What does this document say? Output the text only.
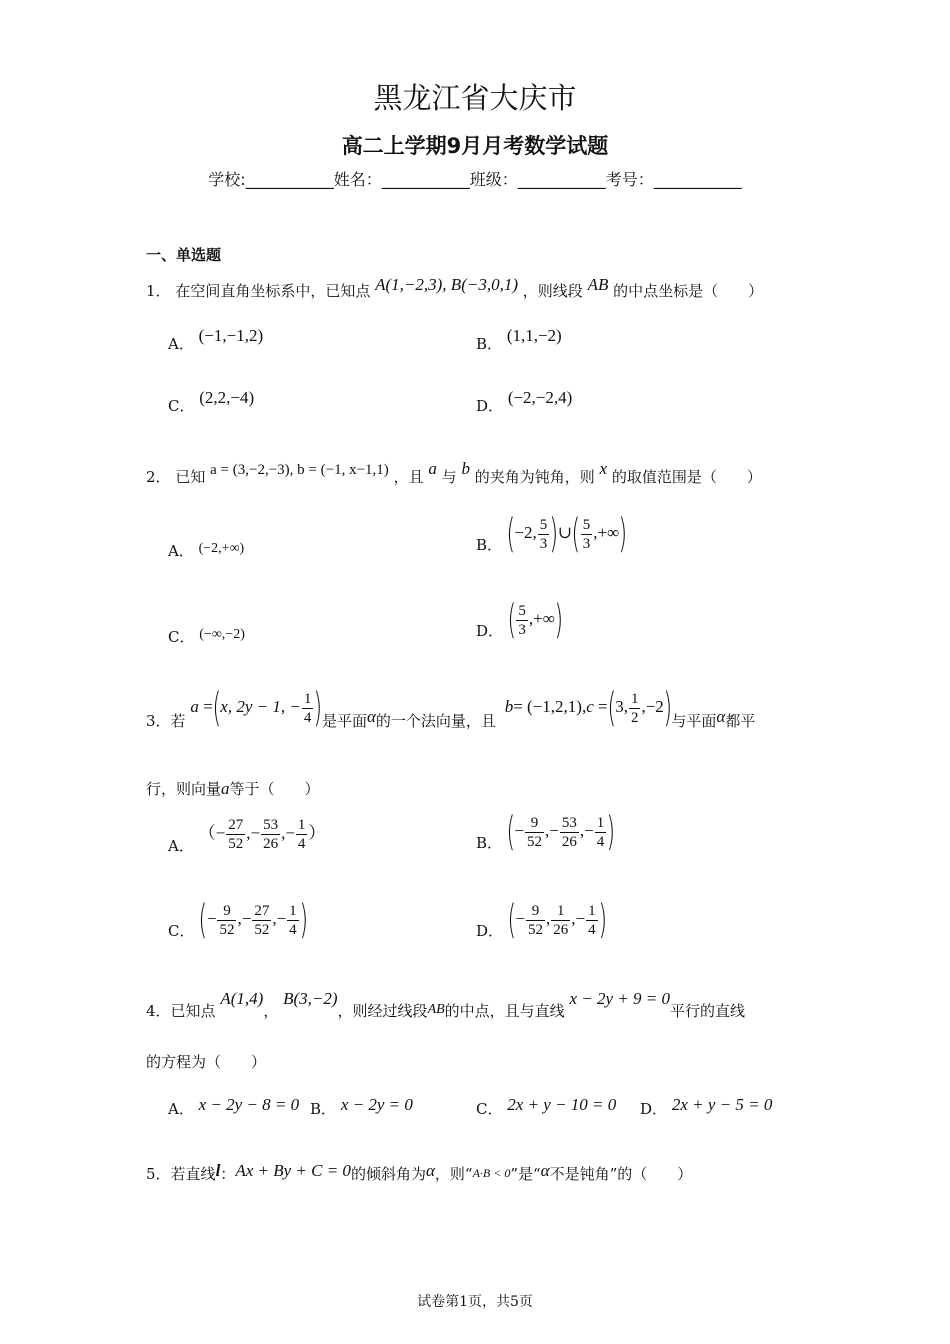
黑龙江省大庆市
高二上学期9月月考数学试题
学校:___________姓名：___________班级：___________考号：___________
一、单选题
1． 在空间直角坐标系中，已知点 A(1,−2,3), B(−3,0,1) ，则线段 AB 的中点坐标是（　　）
A． (−1,−1,2)	B． (1,1,−2)
C． (2,2,−4)	D． (−2,−2,4)
2． 已知 a = (3,−2,−3), b = (−1, x−1,1) ，且 a 与 b 的夹角为钝角，则 x 的取值范围是（　　）
A． (−2,+∞)	B． (−2, $\frac{5}{3}$ )∪( $\frac{5}{3}$ ,+∞)
C． (−∞,−2)	D． ( $\frac{5}{3}$ ,+∞)
3．若 a =(x, 2y − 1, − $\frac{1}{4}$ )是平面α的一个法向量，且 b= (−1,2,1),c =(3, $\frac{1}{2} ,-2$)与平面α都平
行，则向量a等于（　　）
A． （− $\frac{27}{52}$ ,− $\frac{53}{26}$ ,− $\frac{1}{4}$ ）
B． (− $\frac{9}{52}$ ,− $\frac{53}{26}$ ,− $\frac{1}{4}$ )
C． (− $\frac{9}{52}$ ,− $\frac{27}{52}$ ,− $\frac{1}{4}$ )	D． (− $\frac{9}{52}$ , $\frac{1}{26}$ ,− $\frac{1}{4}$ )
4．已知点 A(1,4)， B(3,−2)，则经过线段AB的中点，且与直线 x − 2y + 9 = 0平行的直线
的方程为（　　）
A． x − 2y − 8 = 0 B． x − 2y = 0	C． 2x + y − 10 = 0 D． 2x + y − 5 = 0
5．若直线l：Ax + By + C = 0的倾斜角为α，则“A·B < 0”是“α不是钝角”的（　　）
试卷第1页，共5页
